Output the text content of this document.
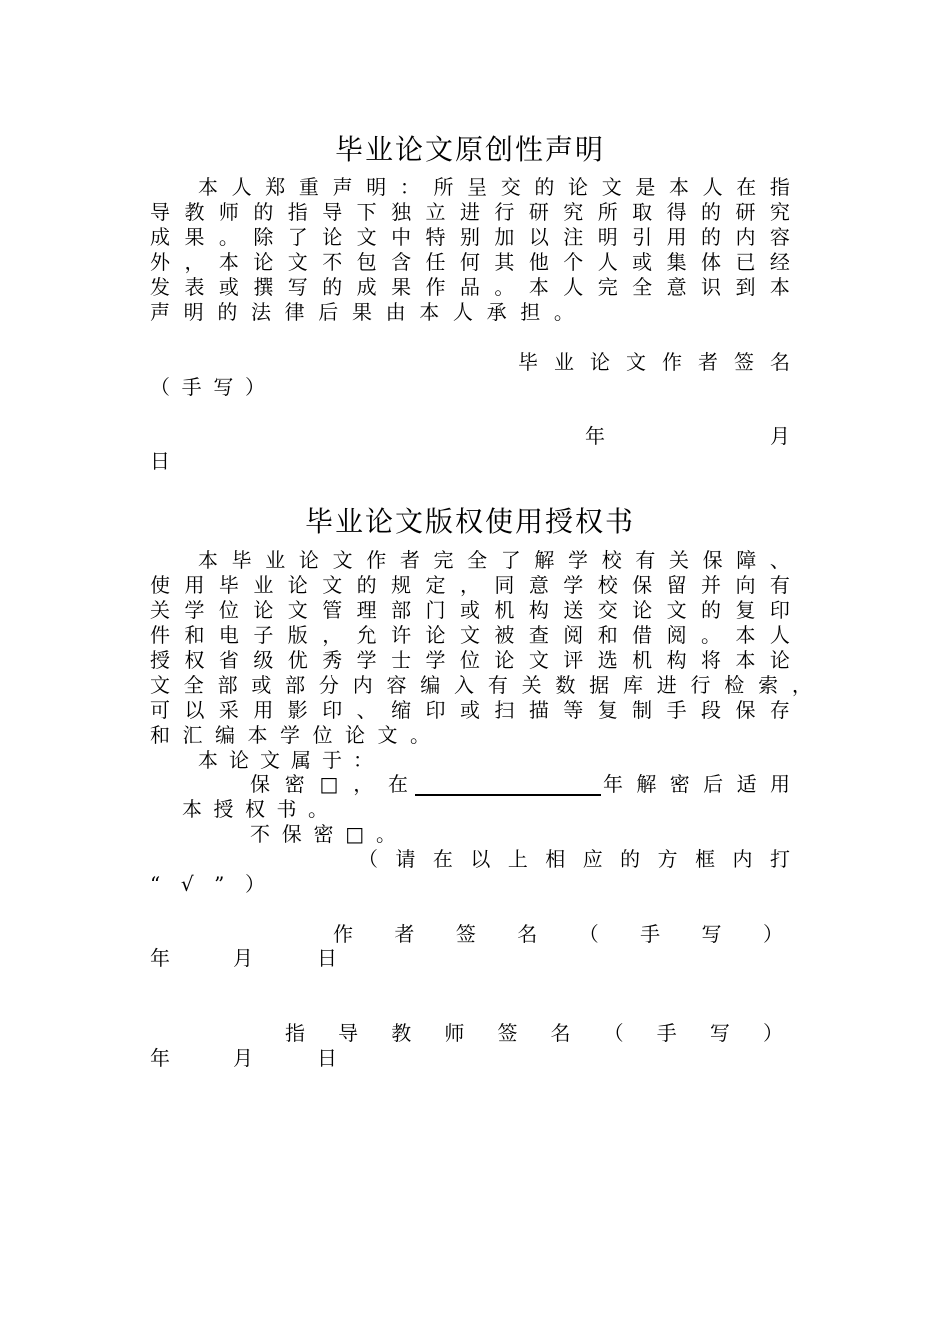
毕业论文原创性声明
本 人 郑 重 声 明 ： 所 呈 交 的 论 文 是 本 人 在 指
导 教 师 的 指 导 下 独 立 进 行 研 究 所 取 得 的 研 究
成 果 。 除 了 论 文 中 特 别 加 以 注 明 引 用 的 内 容
外 ， 本 论 文 不 包 含 任 何 其 他 个 人 或 集 体 已 经
发 表 或 撰 写 的 成 果 作 品 。 本 人 完 全 意 识 到 本
声 明 的 法 律 后 果 由 本 人 承 担 。
毕 业 论 文 作 者 签 名
（ 手 写 ）
年	月
日
毕业论文版权使用授权书
本 毕 业 论 文 作 者 完 全 了 解 学 校 有 关 保 障 、
使 用 毕 业 论 文 的 规 定 ， 同 意 学 校 保 留 并 向 有
关 学 位 论 文 管 理 部 门 或 机 构 送 交 论 文 的 复 印
件 和 电 子 版 ， 允 许 论 文 被 查 阅 和 借 阅 。 本 人
授 权 省 级 优 秀 学 士 学 位 论 文 评 选 机 构 将 本 论
文 全 部 或 部 分 内 容 编 入 有 关 数 据 库 进 行 检 索 ，
可 以 采 用 影 印 、 缩 印 或 扫 描 等 复 制 手 段 保 存
和 汇 编 本 学 位 论 文 。
本 论 文 属 于 ：
保 密 □ ， 在	年 解 密 后 适 用
本 授 权 书 。
不 保 密 □ 。
（ 请 在 以 上 相 应 的 方 框 内 打
“ √ ” ）
作 者 签 名 （ 手 写 ）
年	月	日
指 导 教 师 签 名 （ 手 写 ）
年	月	日
